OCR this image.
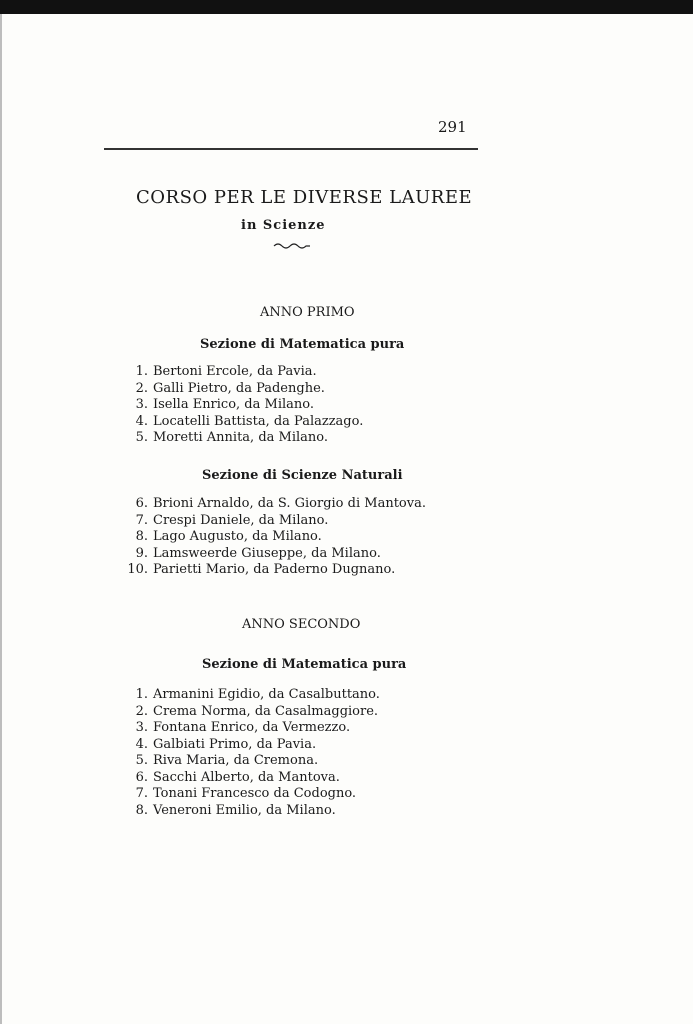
291
CORSO PER LE DIVERSE LAUREE
in Scienze
ANNO PRIMO
Sezione di Matematica pura
1. Bertoni Ercole, da Pavia.
2. Galli Pietro, da Padenghe.
3. Isella Enrico, da Milano.
4. Locatelli Battista, da Palazzago.
5. Moretti Annita, da Milano.
Sezione di Scienze Naturali
6. Brioni Arnaldo, da S. Giorgio di Mantova.
7. Crespi Daniele, da Milano.
8. Lago Augusto, da Milano.
9. Lamsweerde Giuseppe, da Milano.
10. Parietti Mario, da Paderno Dugnano.
ANNO SECONDO
Sezione di Matematica pura
1. Armanini Egidio, da Casalbuttano.
2. Crema Norma, da Casalmaggiore.
3. Fontana Enrico, da Vermezzo.
4. Galbiati Primo, da Pavia.
5. Riva Maria, da Cremona.
6. Sacchi Alberto, da Mantova.
7. Tonani Francesco da Codogno.
8. Veneroni Emilio, da Milano.
